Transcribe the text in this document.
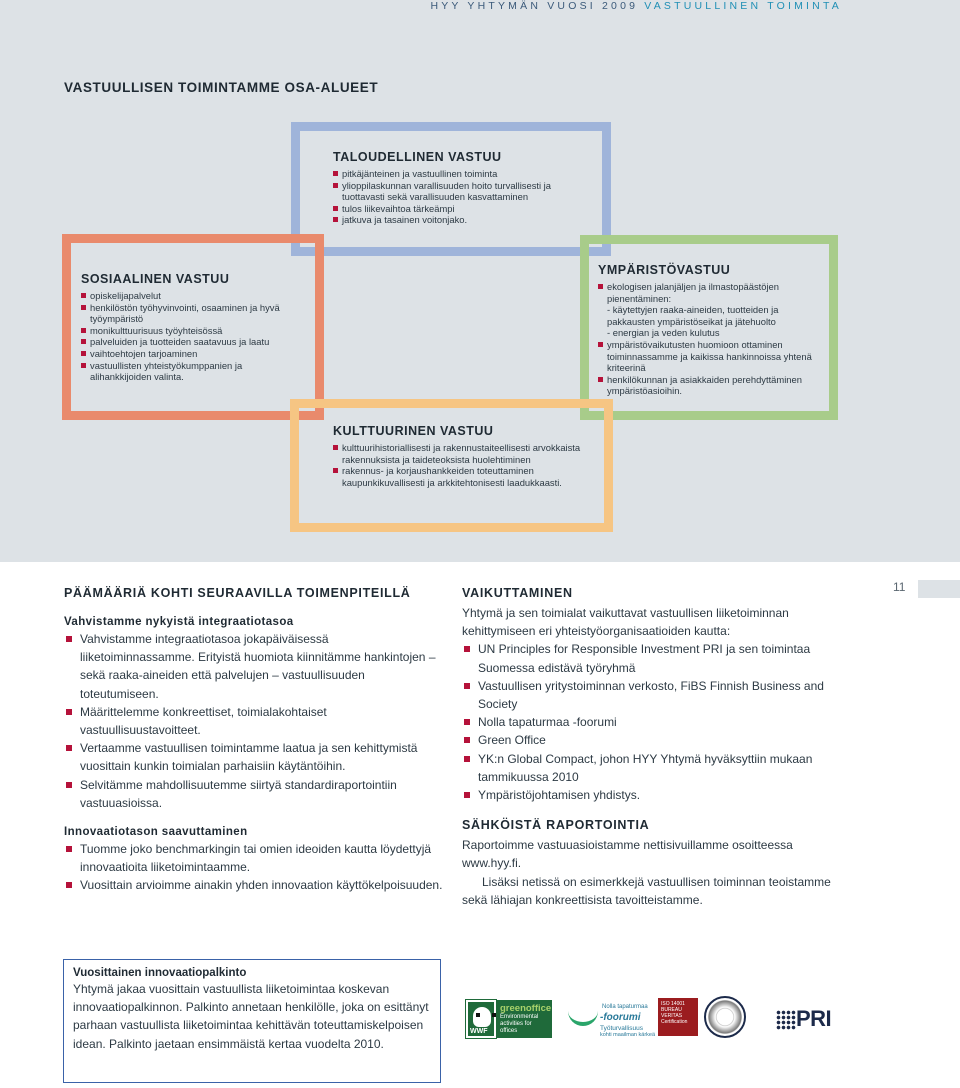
HYY YHTYMÄN VUOSI 2009 VASTUULLINEN TOIMINTA
VASTUULLISEN TOIMINTAMME OSA-ALUEET
TALOUDELLINEN VASTUU
pitkäjänteinen ja vastuullinen toiminta
ylioppilaskunnan varallisuuden hoito turvallisesti ja tuottavasti sekä varallisuuden kasvattaminen
tulos liikevaihtoa tärkeämpi
jatkuva ja tasainen voitonjako.
SOSIAALINEN VASTUU
opiskelijapalvelut
henkilöstön työhyvinvointi, osaaminen ja hyvä työympäristö
monikulttuurisuus työyhteisössä
palveluiden ja tuotteiden saatavuus ja laatu
vaihtoehtojen tarjoaminen
vastuullisten yhteistyökumppanien ja alihankkijoiden valinta.
YMPÄRISTÖVASTUU
ekologisen jalanjäljen ja ilmastopäästöjen pienentäminen:
- käytettyjen raaka-aineiden, tuotteiden ja pakkausten ympäristöseikat ja jätehuolto
- energian ja veden kulutus
ympäristövaikutusten huomioon ottaminen toiminnassamme ja kaikissa hankinnoissa yhtenä kriteerinä
henkilökunnan ja asiakkaiden perehdyttäminen ympäristöasioihin.
KULTTUURINEN VASTUU
kulttuurihistoriallisesti ja rakennustaiteellisesti arvokkaista rakennuksista ja taideteoksista huolehtiminen
rakennus- ja korjaushankkeiden toteuttaminen kaupunkikuvallisesti ja arkkitehtonisesti laadukkaasti.
11
PÄÄMÄÄRIÄ KOHTI SEURAAVILLA TOIMENPITEILLÄ
Vahvistamme nykyistä integraatiotasoa
Vahvistamme integraatiotasoa jokapäiväisessä liiketoiminnassamme. Erityistä huomiota kiinnitämme hankintojen – sekä raaka-aineiden että palvelujen – vastuullisuuden toteutumiseen.
Määrittelemme konkreettiset, toimialakohtaiset vastuullisuustavoitteet.
Vertaamme vastuullisen toimintamme laatua ja sen kehittymistä vuosittain kunkin toimialan parhaisiin käytäntöihin.
Selvitämme mahdollisuutemme siirtyä standardiraportointiin vastuuasioissa.
Innovaatiotason saavuttaminen
Tuomme joko benchmarkingin tai omien ideoiden kautta löydettyjä innovaatioita liiketoimintaamme.
Vuosittain arvioimme ainakin yhden innovaation käyttökelpoisuuden.
VAIKUTTAMINEN

Yhtymä ja sen toimialat vaikuttavat vastuullisen liiketoiminnan kehittymiseen eri yhteistyöorganisaatioiden kautta:

UN Principles for Responsible Investment PRI ja sen toimintaa Suomessa edistävä työryhmä
Vastuullisen yritystoiminnan verkosto, FiBS Finnish Business and Society
Nolla tapaturmaa -foorumi
Green Office
YK:n Global Compact, johon HYY Yhtymä hyväksyttiin mukaan tammikuussa 2010
Ympäristöjohtamisen yhdistys.
SÄHKÖISTÄ RAPORTOINTIA

Raportoimme vastuuasioistamme nettisivuillamme osoitteessa www.hyy.fi.

Lisäksi netissä on esimerkkejä vastuullisen toiminnan teoistamme sekä lähiajan konkreettisista tavoitteistamme.

Vuosittainen innovaatiopalkinto

Yhtymä jakaa vuosittain vastuullista liiketoimintaa koskevan innovaatiopalkinnon. Palkinto annetaan henkilölle, joka on esittänyt parhaan vastuullista liiketoimintaa kehittävän toteuttamiskelpoisen idean. Palkinto jaetaan ensimmäistä kertaa vuodelta 2010.

WWF
greenoffice
Environmental activities for offices
for a living planet
Nolla tapaturmaa
-foorumi
Työturvallisuus
kohti maailman kärkeä
ISO 14001 BUREAU VERITAS Certification	PRI
